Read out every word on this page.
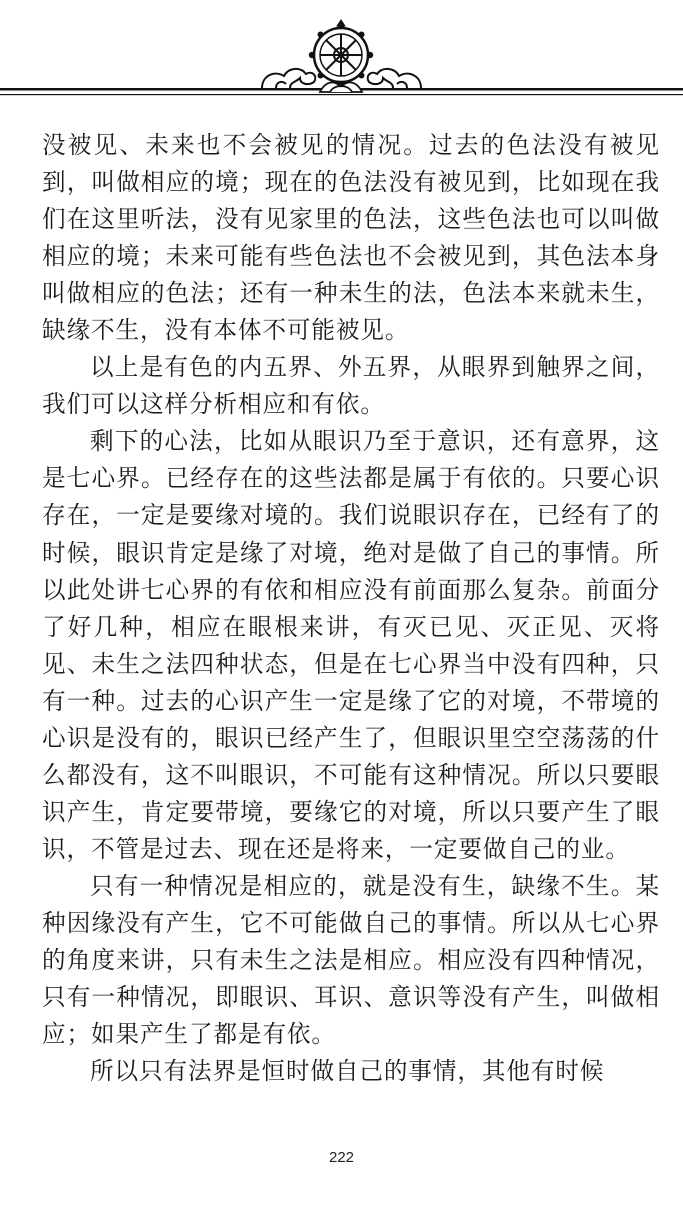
没被见、未来也不会被见的情况。过去的色法没有被见到，叫做相应的境；现在的色法没有被见到，比如现在我们在这里听法，没有见家里的色法，这些色法也可以叫做相应的境；未来可能有些色法也不会被见到，其色法本身叫做相应的色法；还有一种未生的法，色法本来就未生，缺缘不生，没有本体不可能被见。

以上是有色的内五界、外五界，从眼界到触界之间，我们可以这样分析相应和有依。

剩下的心法，比如从眼识乃至于意识，还有意界，这是七心界。已经存在的这些法都是属于有依的。只要心识存在，一定是要缘对境的。我们说眼识存在，已经有了的时候，眼识肯定是缘了对境，绝对是做了自己的事情。所以此处讲七心界的有依和相应没有前面那么复杂。前面分了好几种，相应在眼根来讲，有灭已见、灭正见、灭将见、未生之法四种状态，但是在七心界当中没有四种，只有一种。过去的心识产生一定是缘了它的对境，不带境的心识是没有的，眼识已经产生了，但眼识里空空荡荡的什么都没有，这不叫眼识，不可能有这种情况。所以只要眼识产生，肯定要带境，要缘它的对境，所以只要产生了眼识，不管是过去、现在还是将来，一定要做自己的业。

只有一种情况是相应的，就是没有生，缺缘不生。某种因缘没有产生，它不可能做自己的事情。所以从七心界的角度来讲，只有未生之法是相应。相应没有四种情况，只有一种情况，即眼识、耳识、意识等没有产生，叫做相应；如果产生了都是有依。

所以只有法界是恒时做自己的事情，其他有时候

222
